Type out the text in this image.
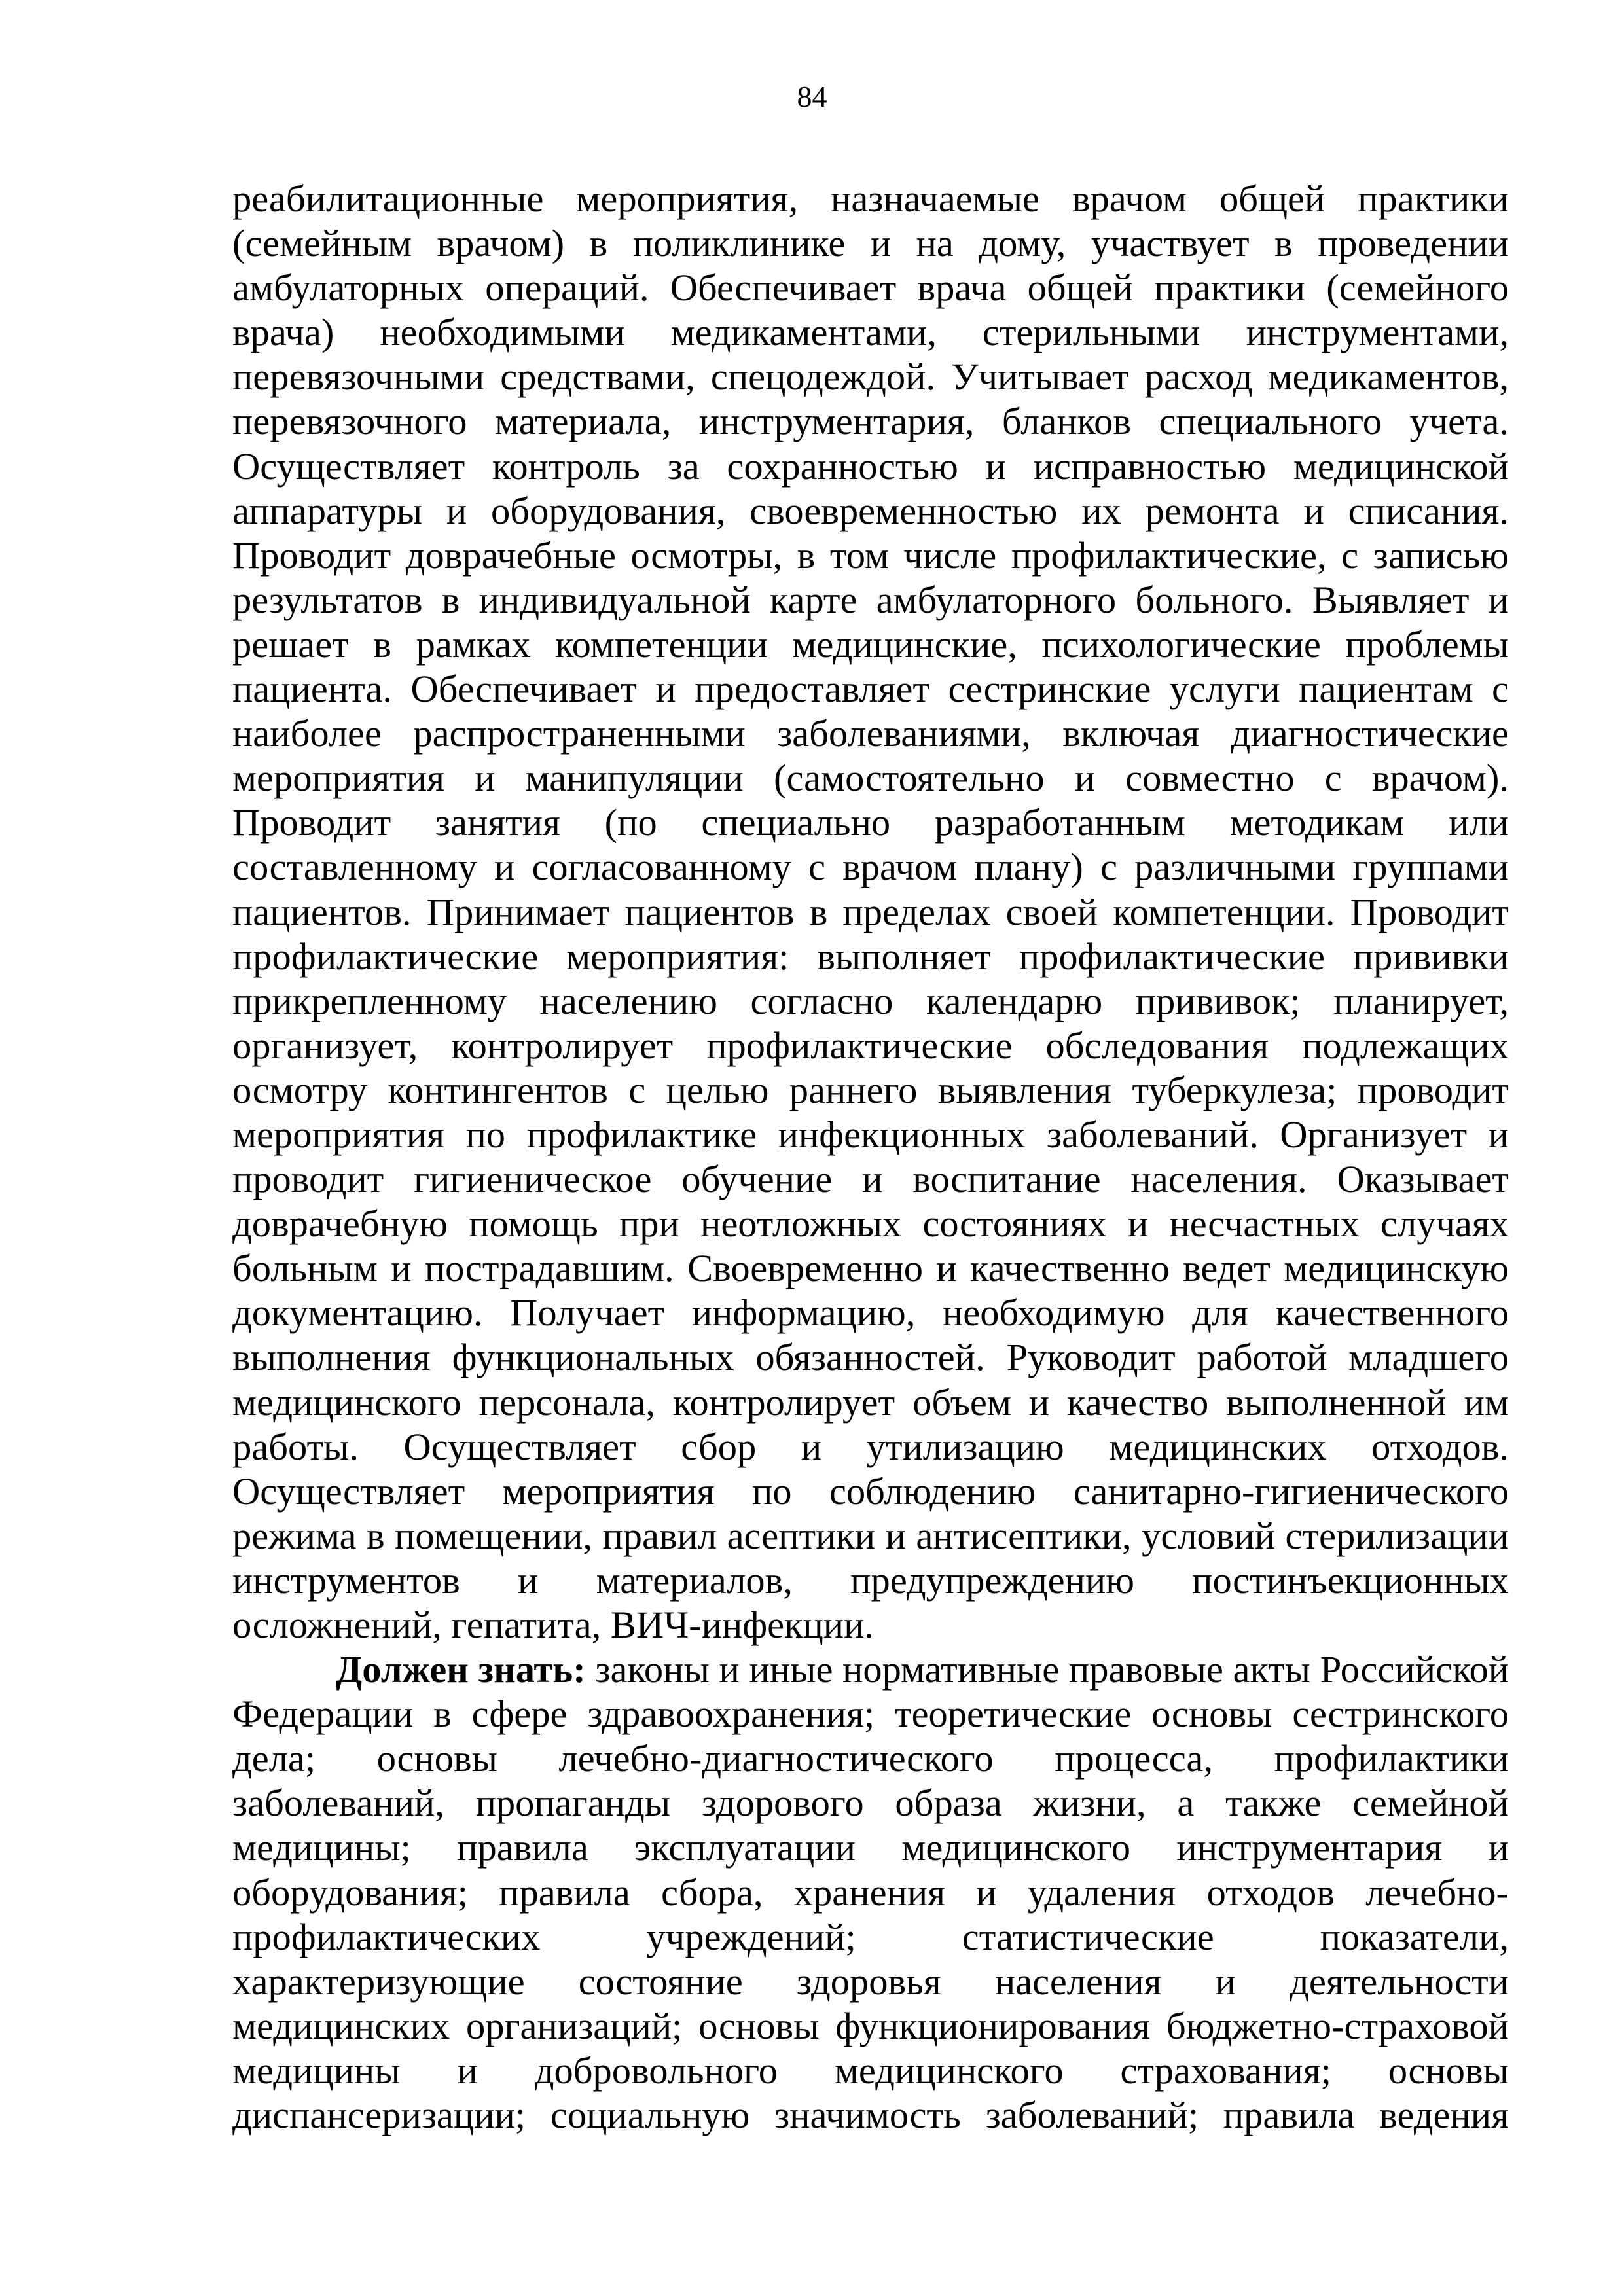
84
реабилитационные мероприятия, назначаемые врачом общей практики
(семейным врачом) в поликлинике и на дому, участвует в проведении
амбулаторных операций. Обеспечивает врача общей практики (семейного
врача) необходимыми медикаментами, стерильными инструментами,
перевязочными средствами, спецодеждой. Учитывает расход медикаментов,
перевязочного материала, инструментария, бланков специального учета.
Осуществляет контроль за сохранностью и исправностью медицинской
аппаратуры и оборудования, своевременностью их ремонта и списания.
Проводит доврачебные осмотры, в том числе профилактические, с записью
результатов в индивидуальной карте амбулаторного больного. Выявляет и
решает в рамках компетенции медицинские, психологические проблемы
пациента. Обеспечивает и предоставляет сестринские услуги пациентам с
наиболее распространенными заболеваниями, включая диагностические
мероприятия и манипуляции (самостоятельно и совместно с врачом).
Проводит занятия (по специально разработанным методикам или
составленному и согласованному с врачом плану) с различными группами
пациентов. Принимает пациентов в пределах своей компетенции. Проводит
профилактические мероприятия: выполняет профилактические прививки
прикрепленному населению согласно календарю прививок; планирует,
организует, контролирует профилактические обследования подлежащих
осмотру контингентов с целью раннего выявления туберкулеза; проводит
мероприятия по профилактике инфекционных заболеваний. Организует и
проводит гигиеническое обучение и воспитание населения. Оказывает
доврачебную помощь при неотложных состояниях и несчастных случаях
больным и пострадавшим. Своевременно и качественно ведет медицинскую
документацию. Получает информацию, необходимую для качественного
выполнения функциональных обязанностей. Руководит работой младшего
медицинского персонала, контролирует объем и качество выполненной им
работы. Осуществляет сбор и утилизацию медицинских отходов.
Осуществляет мероприятия по соблюдению санитарно-гигиенического
режима в помещении, правил асептики и антисептики, условий стерилизации
инструментов и материалов, предупреждению постинъекционных
осложнений, гепатита, ВИЧ-инфекции.
Должен знать: законы и иные нормативные правовые акты Российской
Федерации в сфере здравоохранения; теоретические основы сестринского
дела; основы лечебно-диагностического процесса, профилактики
заболеваний, пропаганды здорового образа жизни, а также семейной
медицины; правила эксплуатации медицинского инструментария и
оборудования; правила сбора, хранения и удаления отходов лечебно-
профилактических учреждений; статистические показатели,
характеризующие состояние здоровья населения и деятельности
медицинских организаций; основы функционирования бюджетно-страховой
медицины и добровольного медицинского страхования; основы
диспансеризации; социальную значимость заболеваний; правила ведения
